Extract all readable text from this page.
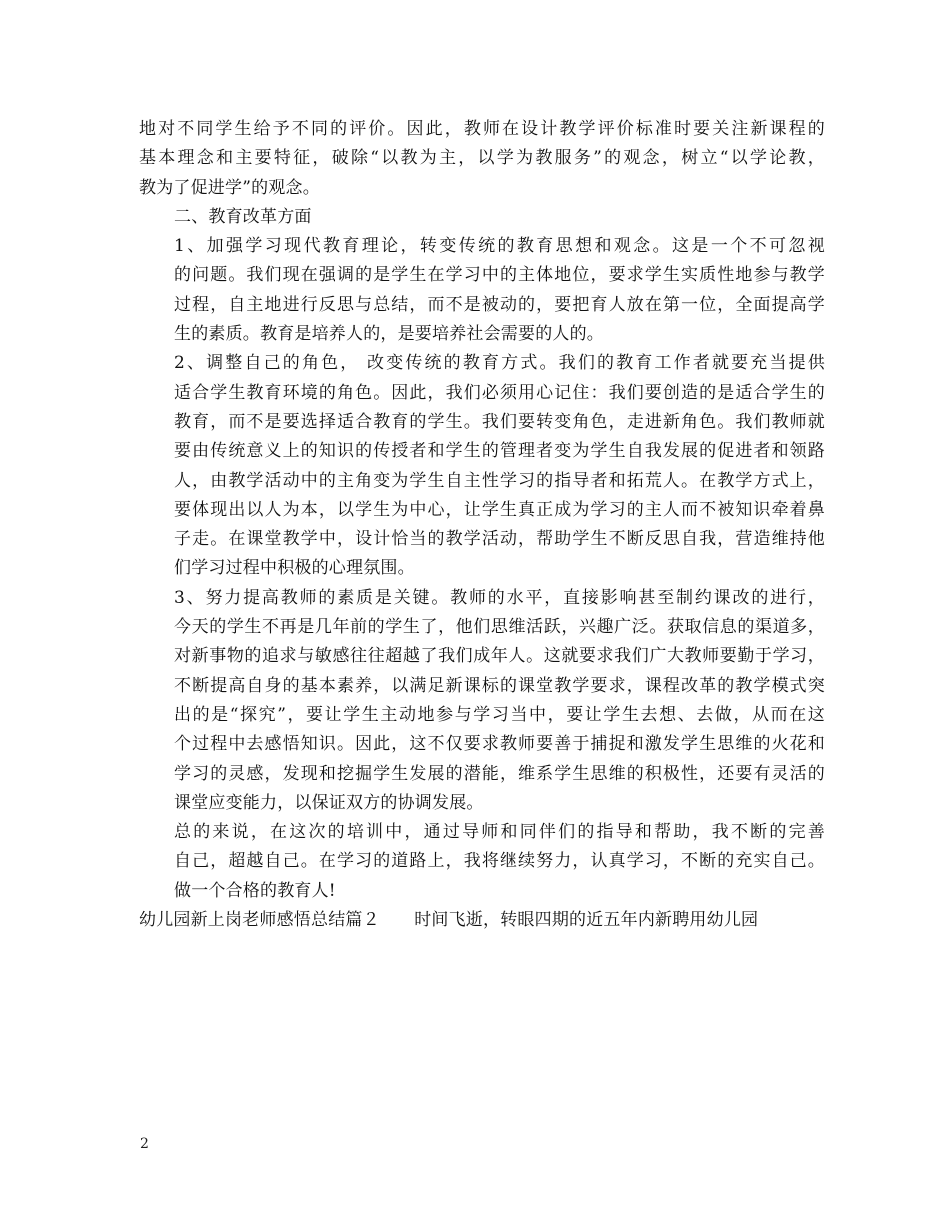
地对不同学生给予不同的评价。因此，教师在设计教学评价标准时要关注新课程的
基本理念和主要特征，破除“以教为主，以学为教服务”的观念，树立“以学论教，
教为了促进学”的观念。

二、教育改革方面

1、加强学习现代教育理论，转变传统的教育思想和观念。这是一个不可忽视
的问题。我们现在强调的是学生在学习中的主体地位，要求学生实质性地参与教学
过程，自主地进行反思与总结，而不是被动的，要把育人放在第一位，全面提高学
生的素质。教育是培养人的，是要培养社会需要的人的。

2、调整自己的角色， 改变传统的教育方式。我们的教育工作者就要充当提供
适合学生教育环境的角色。因此，我们必须用心记住：我们要创造的是适合学生的
教育，而不是要选择适合教育的学生。我们要转变角色，走进新角色。我们教师就
要由传统意义上的知识的传授者和学生的管理者变为学生自我发展的促进者和领路
人，由教学活动中的主角变为学生自主性学习的指导者和拓荒人。在教学方式上，
要体现出以人为本，以学生为中心，让学生真正成为学习的主人而不被知识牵着鼻
子走。在课堂教学中，设计恰当的教学活动，帮助学生不断反思自我，营造维持他
们学习过程中积极的心理氛围。

3、努力提高教师的素质是关键。教师的水平，直接影响甚至制约课改的进行，
今天的学生不再是几年前的学生了，他们思维活跃，兴趣广泛。获取信息的渠道多，
对新事物的追求与敏感往往超越了我们成年人。这就要求我们广大教师要勤于学习，
不断提高自身的基本素养，以满足新课标的课堂教学要求，课程改革的教学模式突
出的是“探究”，要让学生主动地参与学习当中，要让学生去想、去做，从而在这
个过程中去感悟知识。因此，这不仅要求教师要善于捕捉和激发学生思维的火花和
学习的灵感，发现和挖掘学生发展的潜能，维系学生思维的积极性，还要有灵活的
课堂应变能力，以保证双方的协调发展。

总的来说，在这次的培训中，通过导师和同伴们的指导和帮助，我不断的完善
自己，超越自己。在学习的道路上，我将继续努力，认真学习，不断的充实自己。
做一个合格的教育人!

幼儿园新上岗老师感悟总结篇２　　 时间飞逝，转眼四期的近五年内新聘用幼儿园

2
